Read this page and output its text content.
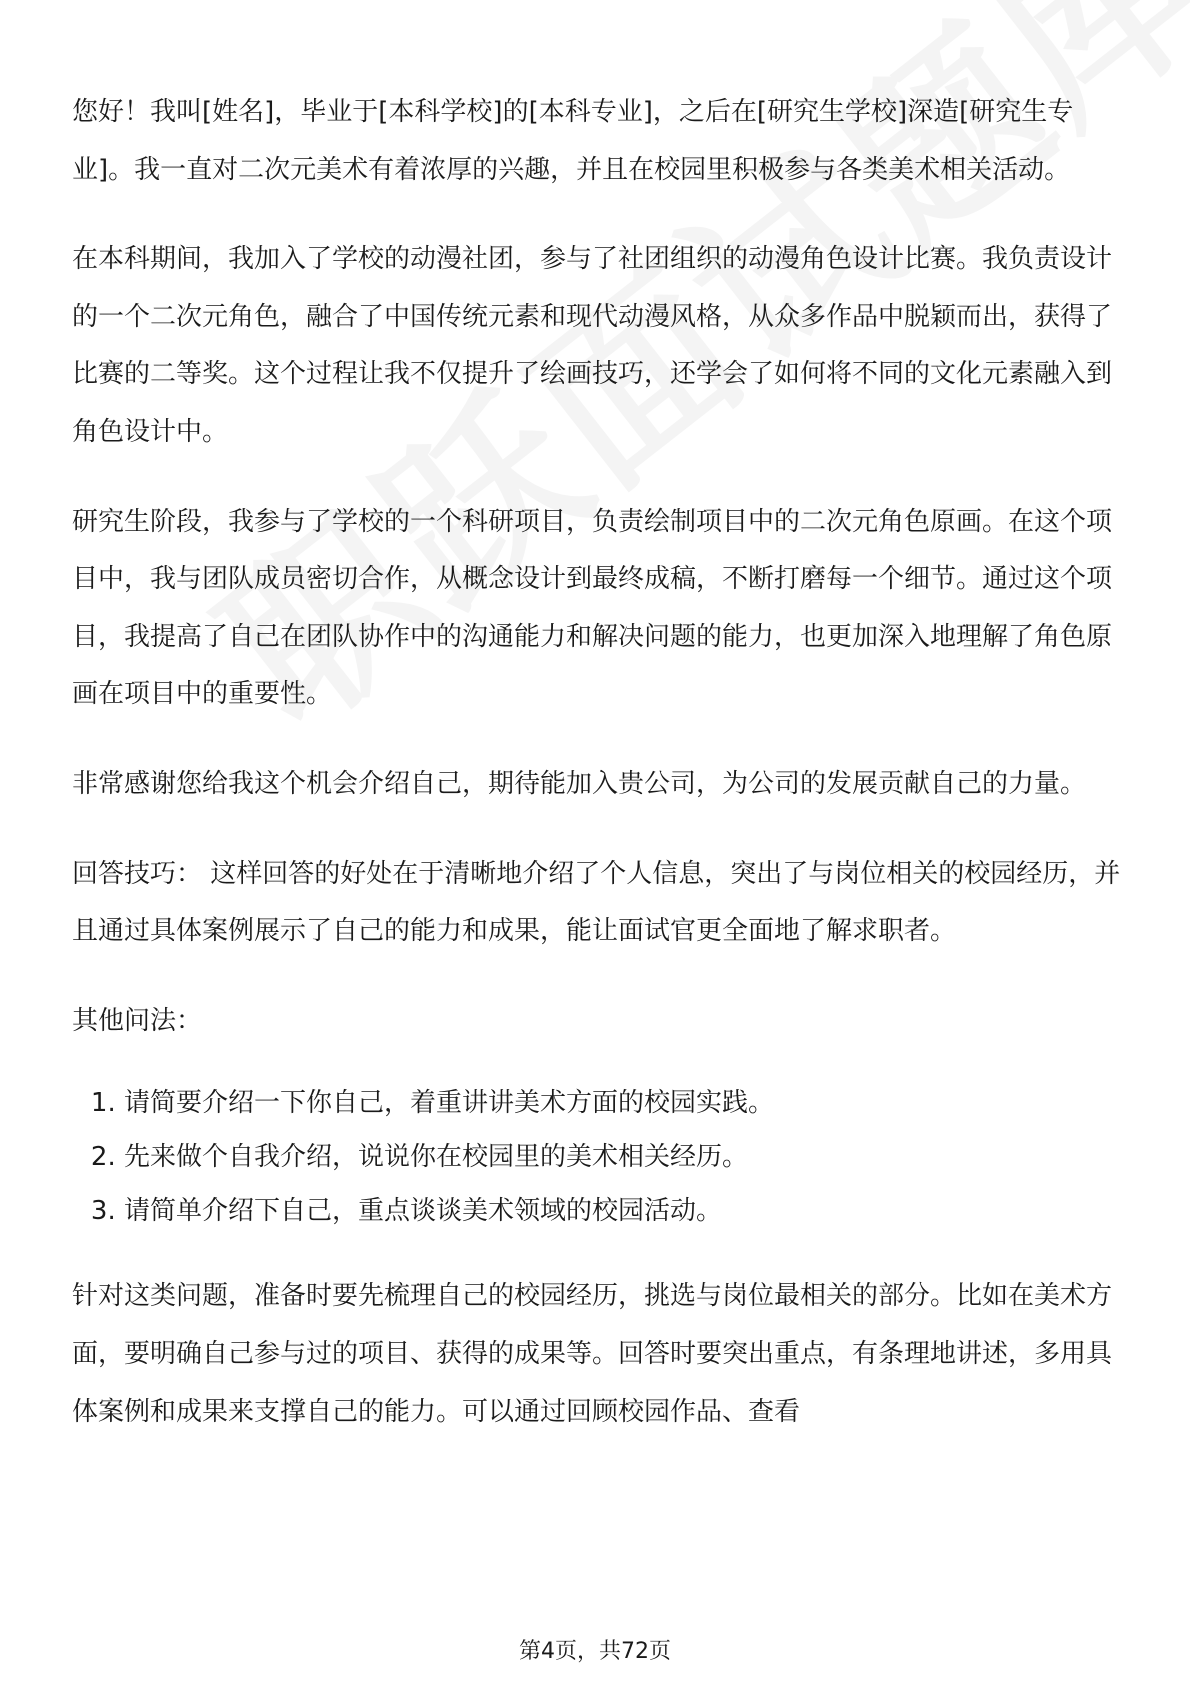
您好！我叫[姓名]，毕业于[本科学校]的[本科专业]，之后在[研究生学校]深造[研究生专业]。我一直对二次元美术有着浓厚的兴趣，并且在校园里积极参与各类美术相关活动。

在本科期间，我加入了学校的动漫社团，参与了社团组织的动漫角色设计比赛。我负责设计的一个二次元角色，融合了中国传统元素和现代动漫风格，从众多作品中脱颖而出，获得了比赛的二等奖。这个过程让我不仅提升了绘画技巧，还学会了如何将不同的文化元素融入到角色设计中。

研究生阶段，我参与了学校的一个科研项目，负责绘制项目中的二次元角色原画。在这个项目中，我与团队成员密切合作，从概念设计到最终成稿，不断打磨每一个细节。通过这个项目，我提高了自己在团队协作中的沟通能力和解决问题的能力，也更加深入地理解了角色原画在项目中的重要性。

非常感谢您给我这个机会介绍自己，期待能加入贵公司，为公司的发展贡献自己的力量。

回答技巧： 这样回答的好处在于清晰地介绍了个人信息，突出了与岗位相关的校园经历，并且通过具体案例展示了自己的能力和成果，能让面试官更全面地了解求职者。

其他问法：

1. 请简要介绍一下你自己，着重讲讲美术方面的校园实践。
2. 先来做个自我介绍，说说你在校园里的美术相关经历。
3. 请简单介绍下自己，重点谈谈美术领域的校园活动。

针对这类问题，准备时要先梳理自己的校园经历，挑选与岗位最相关的部分。比如在美术方面，要明确自己参与过的项目、获得的成果等。回答时要突出重点，有条理地讲述，多用具体案例和成果来支撑自己的能力。可以通过回顾校园作品、查看

第4页，共72页
